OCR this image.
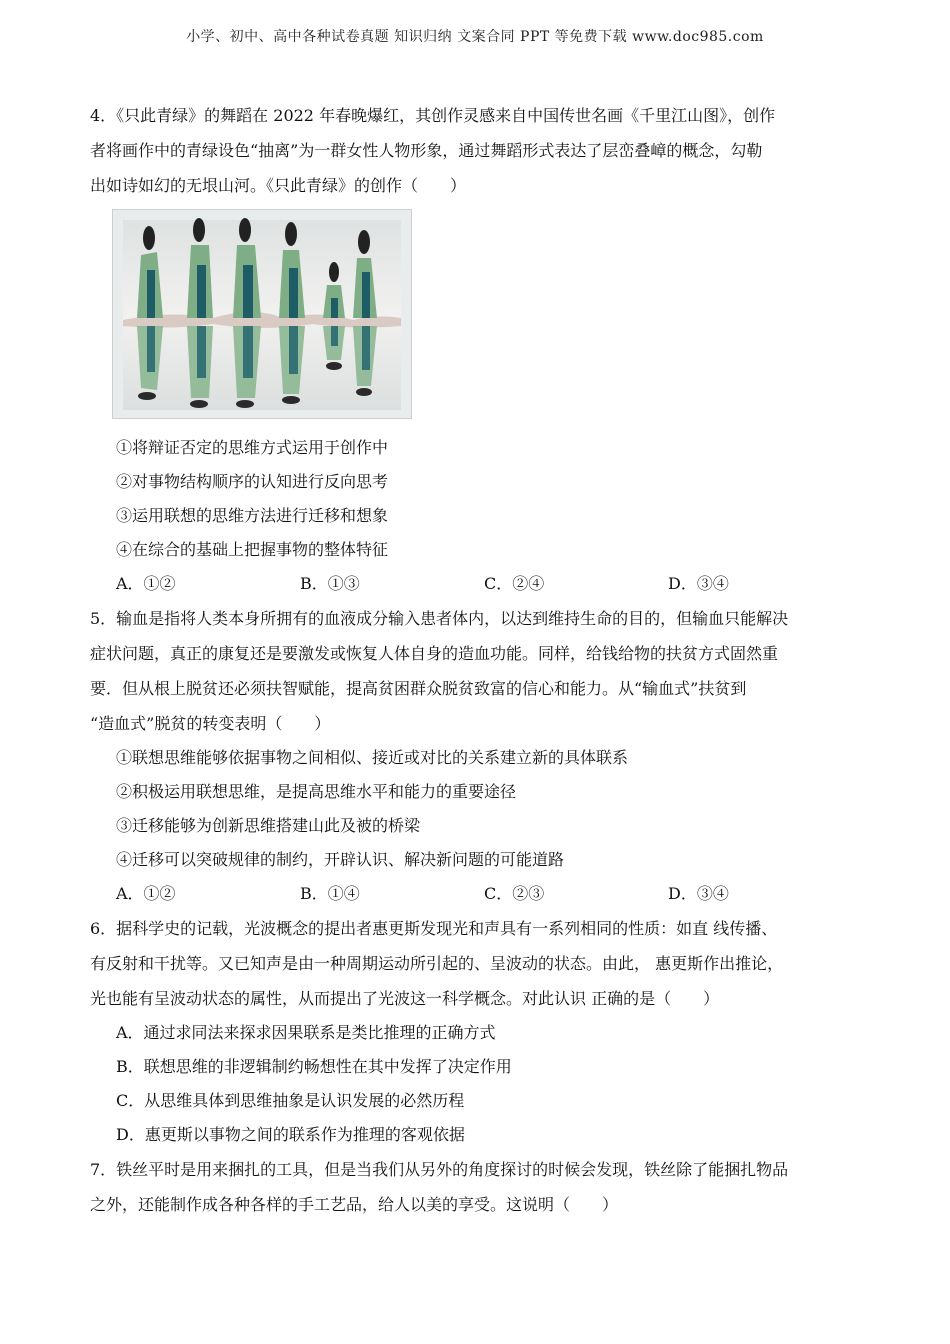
小学、初中、高中各种试卷真题 知识归纳 文案合同 PPT 等免费下载 www.doc985.com

4．《只此青绿》的舞蹈在 2022 年春晚爆红，其创作灵感来自中国传世名画《千里江山图》，创作

者将画作中的青绿设色“抽离”为一群女性人物形象，通过舞蹈形式表达了层峦叠嶂的概念，勾勒

出如诗如幻的无垠山河。《只此青绿》的创作（　　）

①将辩证否定的思维方式运用于创作中

②对事物结构顺序的认知进行反向思考

③运用联想的思维方法进行迁移和想象

④在综合的基础上把握事物的整体特征

A．①②	B．①③	C．②④	D．③④

5．输血是指将人类本身所拥有的血液成分输入患者体内，以达到维持生命的目的，但输血只能解决

症状问题，真正的康复还是要激发或恢复人体自身的造血功能。同样，给钱给物的扶贫方式固然重

要．但从根上脱贫还必须扶智赋能，提高贫困群众脱贫致富的信心和能力。从“输血式”扶贫到

“造血式”脱贫的转变表明（　　）

①联想思维能够依据事物之间相似、接近或对比的关系建立新的具体联系

②积极运用联想思维，是提高思维水平和能力的重要途径

③迁移能够为创新思维搭建山此及被的桥梁

④迁移可以突破规律的制约，开辟认识、解决新问题的可能道路

A．①②	B．①④	C．②③	D．③④

6．据科学史的记载，光波概念的提出者惠更斯发现光和声具有一系列相同的性质：如直 线传播、

有反射和干扰等。又已知声是由一种周期运动所引起的、呈波动的状态。由此， 惠更斯作出推论，

光也能有呈波动状态的属性，从而提出了光波这一科学概念。对此认识 正确的是（　　）

A．通过求同法来探求因果联系是类比推理的正确方式

B．联想思维的非逻辑制约畅想性在其中发挥了决定作用

C．从思维具体到思维抽象是认识发展的必然历程

D．惠更斯以事物之间的联系作为推理的客观依据

7．铁丝平时是用来捆扎的工具，但是当我们从另外的角度探讨的时候会发现，铁丝除了能捆扎物品

之外，还能制作成各种各样的手工艺品，给人以美的享受。这说明（　　）
